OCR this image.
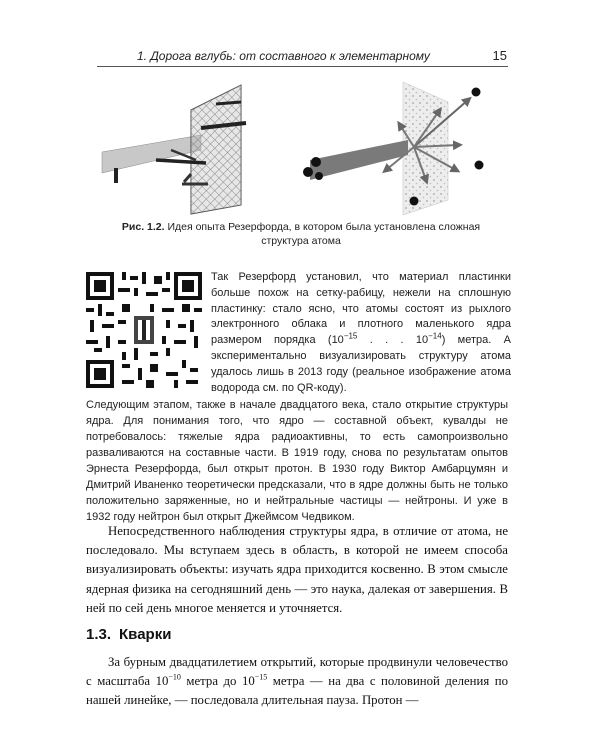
1. Дорога вглубь: от составного к элементарному	15
Рис. 1.2. Идея опыта Резерфорда, в котором была установлена сложная структура атома
Так Резерфорд установил, что материал пластинки больше похож на сетку-рабицу, нежели на сплошную пластинку: стало ясно, что атомы состоят из рыхлого электронного облака и плотного маленького ядра размером порядка ($10^{-15}$ . . . $10^{-14}$) метра. А экспериментально визуализировать структуру атома удалось лишь в 2013 году (реальное изображение атома водорода см. по QR-коду).
Следующим этапом, также в начале двадцатого века, стало открытие структуры ядра. Для понимания того, что ядро — составной объект, кувалды не потребовалось: тяжелые ядра радиоактивны, то есть самопроизвольно разваливаются на составные части. В 1919 году, снова по результатам опытов Эрнеста Резерфорда, был открыт протон. В 1930 году Виктор Амбарцумян и Дмитрий Иваненко теоретически предсказали, что в ядре должны быть не только положительно заряженные, но и нейтральные частицы — нейтроны. И уже в 1932 году нейтрон был открыт Джеймсом Чедвиком.
Непосредственного наблюдения структуры ядра, в отличие от атома, не последовало. Мы вступаем здесь в область, в которой не имеем способа визуализировать объекты: изучать ядра приходится косвенно. В этом смысле ядерная физика на сегодняшний день — это наука, далекая от завершения. В ней по сей день многое меняется и уточняется.
1.3. Кварки
За бурным двадцатилетием открытий, которые продвинули человечество с масштаба $10^{-10}$ метра до $10^{-15}$ метра — на два с половиной деления по нашей линейке, — последовала длительная пауза. Протон —
